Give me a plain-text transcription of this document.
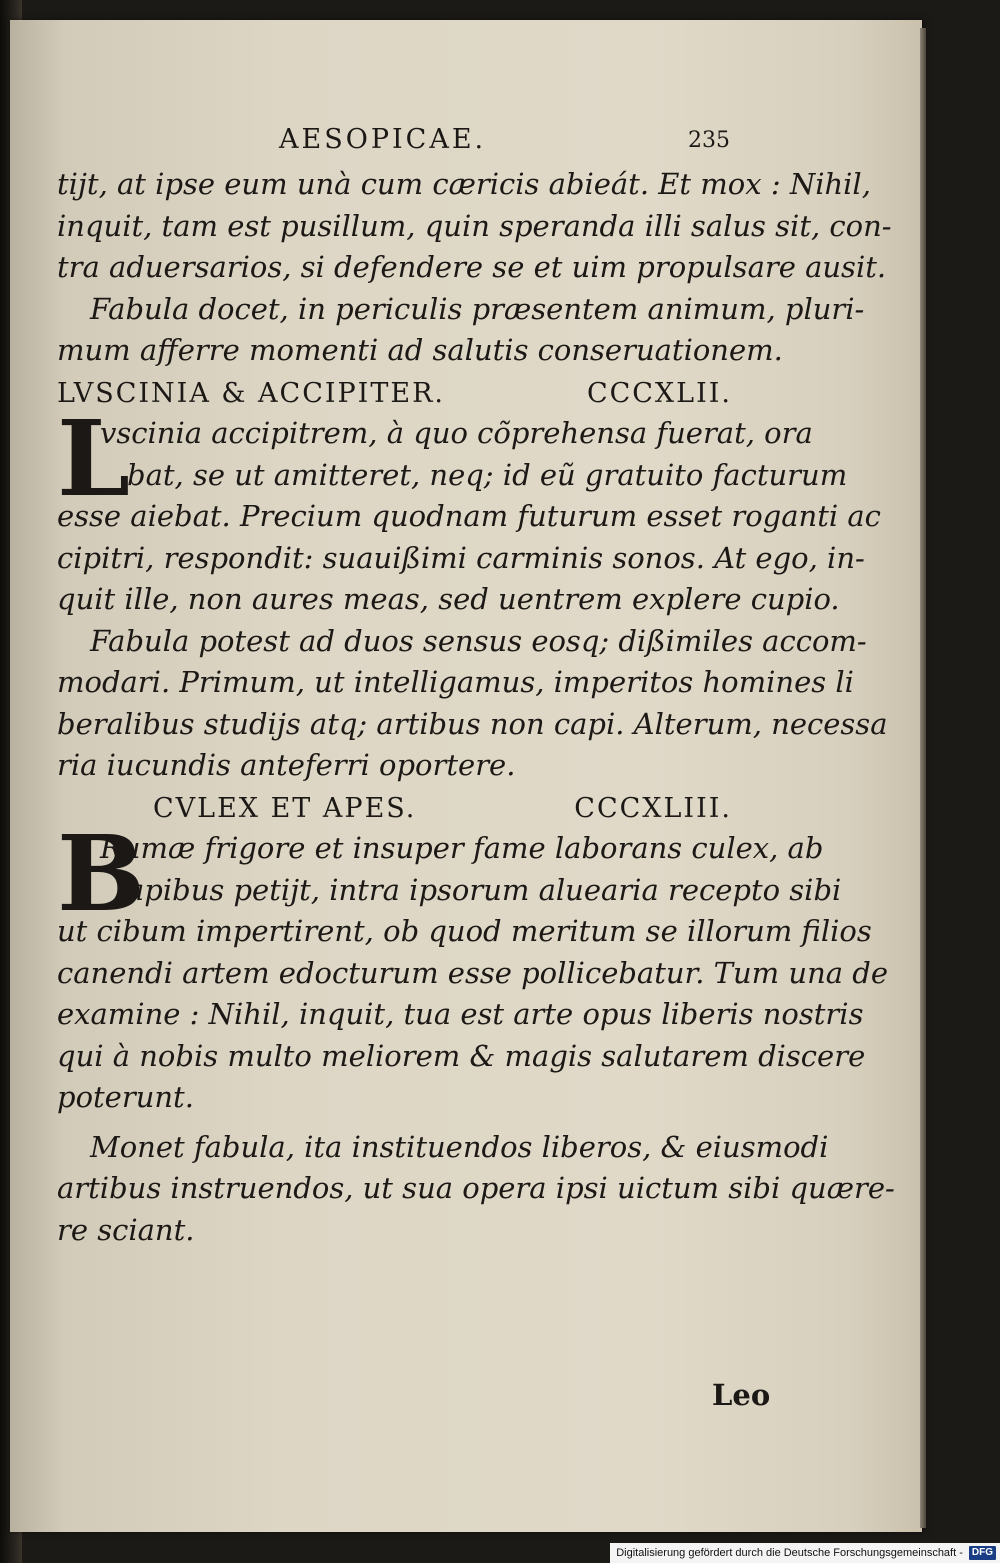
AESOPICAE.	235
tijt, at ipse eum unà cum cæricis abieát. Et mox : Nihil,
inquit, tam est pusillum, quin speranda illi salus sit, con-
tra aduersarios, si defendere se et uim propulsare ausit.
Fabula docet, in periculis præsentem animum, pluri-
mum afferre momenti ad salutis conseruationem.
LVSCINIA & ACCIPITER.	CCCXLII.
L
vscinia accipitrem, à quo cõprehensa fuerat, ora
bat, se ut amitteret, neq; id eũ gratuito facturum
esse aiebat. Precium quodnam futurum esset roganti ac
cipitri, respondit: suauißimi carminis sonos. At ego, in-
quit ille, non aures meas, sed uentrem explere cupio.
Fabula potest ad duos sensus eosq; dißimiles accom-
modari. Primum, ut intelligamus, imperitos homines li
beralibus studijs atq; artibus non capi. Alterum, necessa
ria iucundis anteferri oportere.
CVLEX ET APES.	CCCXLIII.
B
Rumæ frigore et insuper fame laborans culex, ab
apibus petijt, intra ipsorum aluearia recepto sibi
ut cibum impertirent, ob quod meritum se illorum filios
canendi artem edocturum esse pollicebatur. Tum una de
examine : Nihil, inquit, tua est arte opus liberis nostris
qui à nobis multo meliorem & magis salutarem discere
poterunt.
Monet fabula, ita instituendos liberos, & eiusmodi
artibus instruendos, ut sua opera ipsi uictum sibi quære-
re sciant.
Leo
Digitalisierung gefördert durch die Deutsche Forschungsgemeinschaft - DFG
